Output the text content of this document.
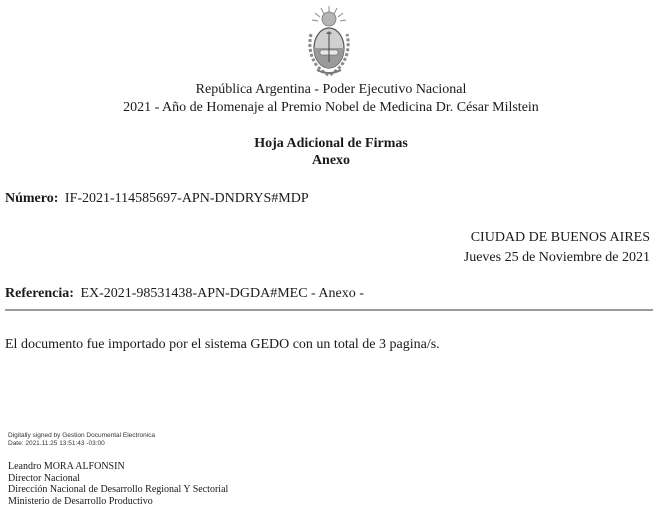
República Argentina - Poder Ejecutivo Nacional
2021 - Año de Homenaje al Premio Nobel de Medicina Dr. César Milstein
Hoja Adicional de Firmas
Anexo
Número: IF-2021-114585697-APN-DNDRYS#MDP
CIUDAD DE BUENOS AIRES
Jueves 25 de Noviembre de 2021
Referencia: EX-2021-98531438-APN-DGDA#MEC - Anexo -
El documento fue importado por el sistema GEDO con un total de 3 pagina/s.
Digitally signed by Gestion Documental Electronica
Date: 2021.11.25 13:51:43 -03:00
Leandro MORA ALFONSIN
Director Nacional
Dirección Nacional de Desarrollo Regional Y Sectorial
Ministerio de Desarrollo Productivo
